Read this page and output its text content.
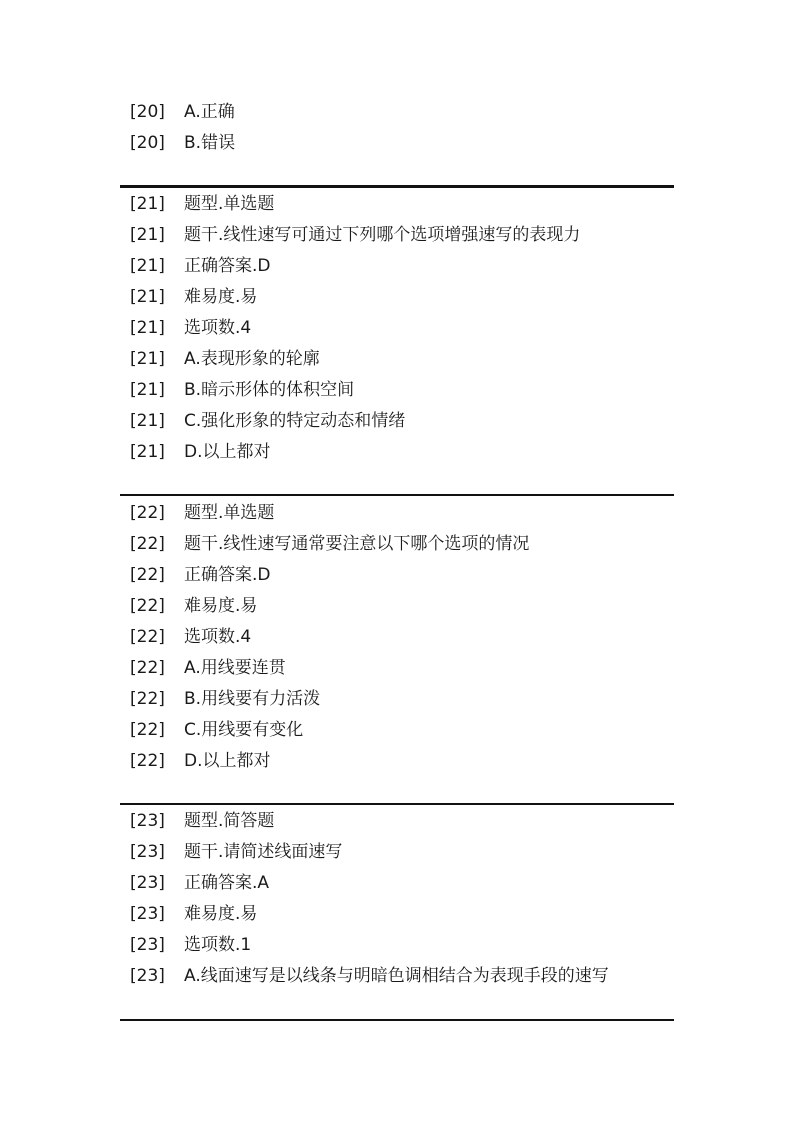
[20] A.正确
[20] B.错误
[21] 题型.单选题
[21] 题干.线性速写可通过下列哪个选项增强速写的表现力
[21] 正确答案.D
[21] 难易度.易
[21] 选项数.4
[21] A.表现形象的轮廓
[21] B.暗示形体的体积空间
[21] C.强化形象的特定动态和情绪
[21] D.以上都对
[22] 题型.单选题
[22] 题干.线性速写通常要注意以下哪个选项的情况
[22] 正确答案.D
[22] 难易度.易
[22] 选项数.4
[22] A.用线要连贯
[22] B.用线要有力活泼
[22] C.用线要有变化
[22] D.以上都对
[23] 题型.简答题
[23] 题干.请简述线面速写
[23] 正确答案.A
[23] 难易度.易
[23] 选项数.1
[23] A.线面速写是以线条与明暗色调相结合为表现手段的速写
